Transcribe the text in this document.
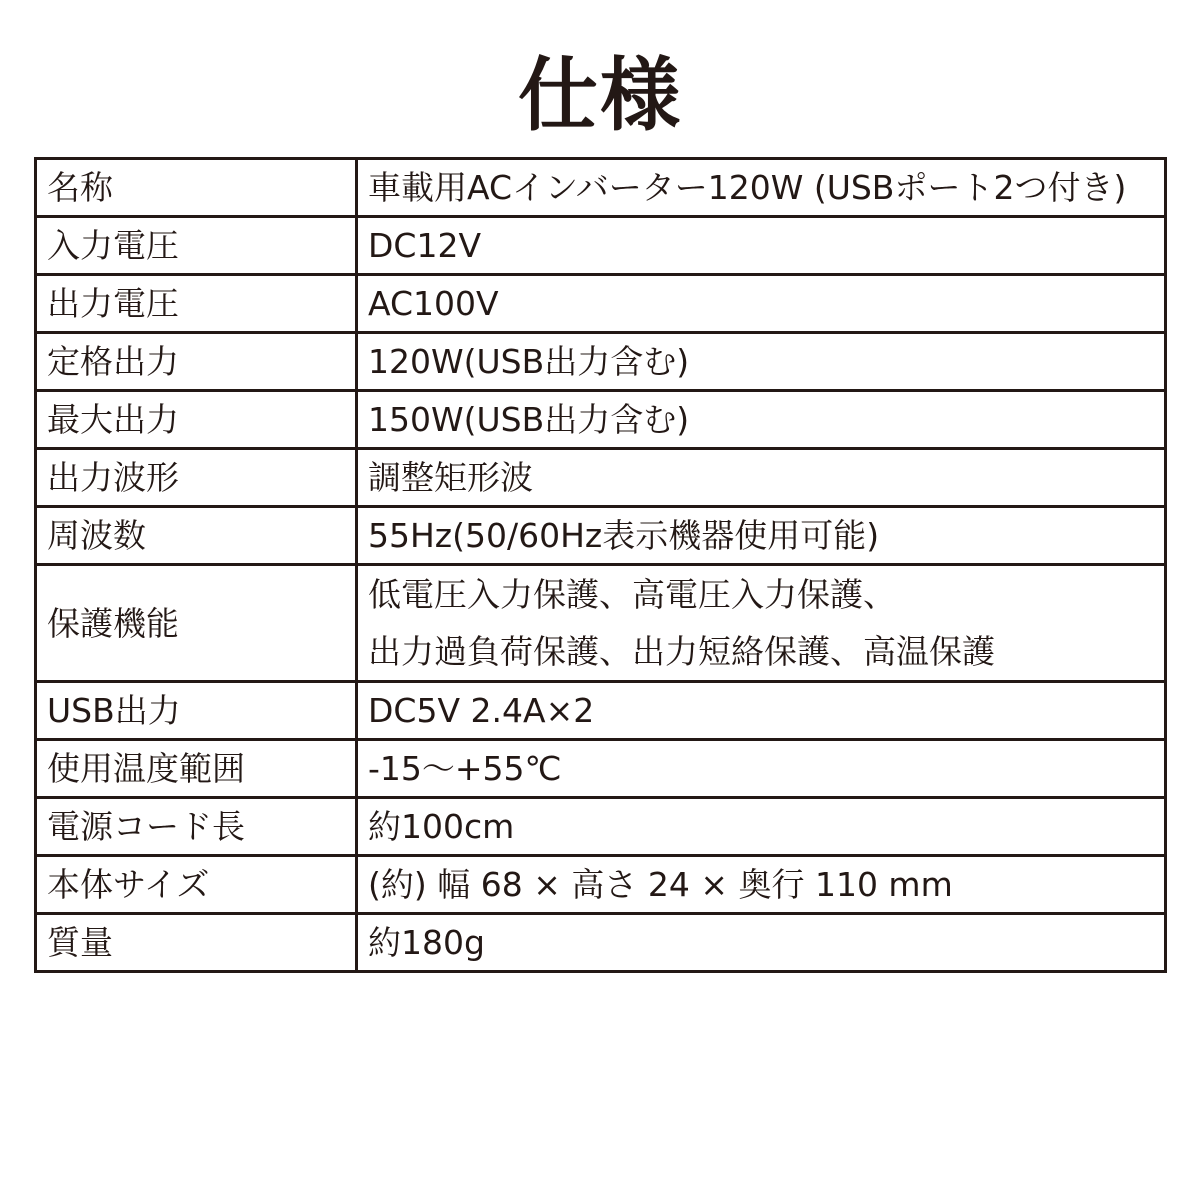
仕様
名称	車載用ACインバーター120W (USBポート2つ付き)

入力電圧	DC12V

出力電圧	AC100V

定格出力	120W(USB出力含む)

最大出力	150W(USB出力含む)

出力波形	調整矩形波

周波数	55Hz(50/60Hz表示機器使用可能)

保護機能	低電圧入力保護、高電圧入力保護、
出力過負荷保護、出力短絡保護、高温保護

USB出力	DC5V 2.4A×2

使用温度範囲	-15〜+55℃

電源コード長	約100cm

本体サイズ	(約) 幅 68 × 高さ 24 × 奥行 110 mm

質量	約180g
